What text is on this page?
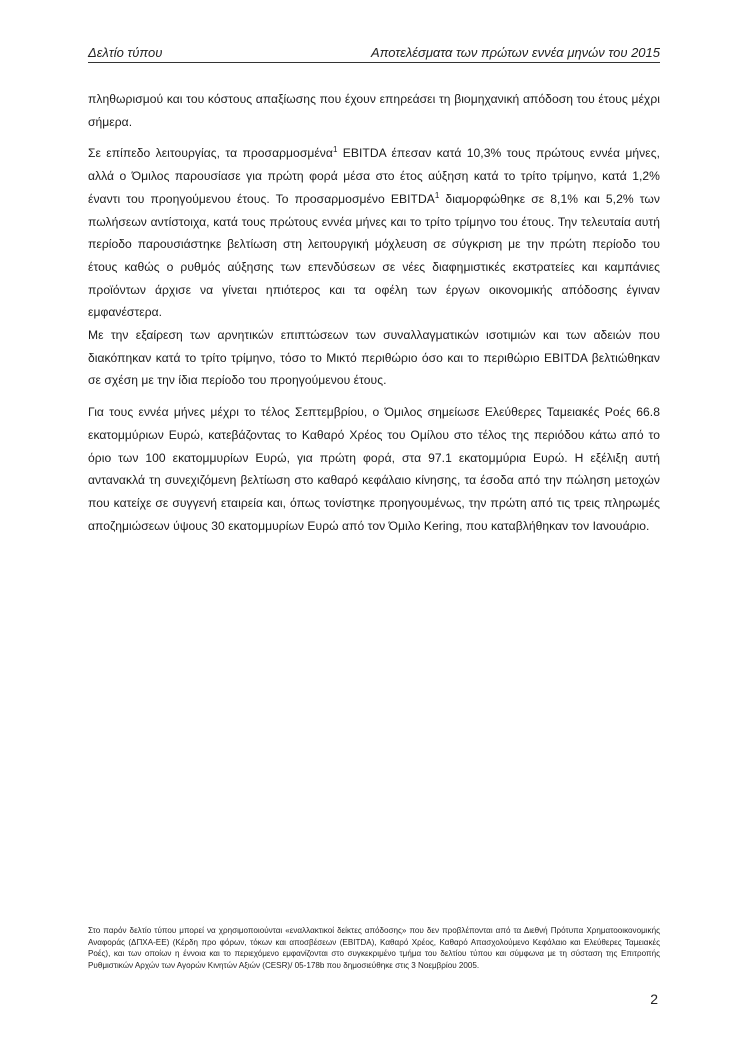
Δελτίο τύπου	Αποτελέσματα των πρώτων εννέα μηνών του 2015

πληθωρισμού και του κόστους απαξίωσης που έχουν επηρεάσει τη βιομηχανική απόδοση του έτους μέχρι σήμερα.

Σε επίπεδο λειτουργίας, τα προσαρμοσμένα$^1$ EBITDA έπεσαν κατά 10,3% τους πρώτους εννέα μήνες, αλλά ο Όμιλος παρουσίασε για πρώτη φορά μέσα στο έτος αύξηση κατά το τρίτο τρίμηνο, κατά 1,2% έναντι του προηγούμενου έτους. Το προσαρμοσμένο EBITDA$^1$ διαμορφώθηκε σε 8,1% και 5,2% των πωλήσεων αντίστοιχα, κατά τους πρώτους εννέα μήνες και το τρίτο τρίμηνο του έτους. Την τελευταία αυτή περίοδο παρουσιάστηκε βελτίωση στη λειτουργική μόχλευση σε σύγκριση με την πρώτη περίοδο του έτους καθώς ο ρυθμός αύξησης των επενδύσεων σε νέες διαφημιστικές εκστρατείες και καμπάνιες προϊόντων άρχισε να γίνεται ηπιότερος και τα οφέλη των έργων οικονομικής απόδοσης έγιναν εμφανέστερα.

Με την εξαίρεση των αρνητικών επιπτώσεων των συναλλαγματικών ισοτιμιών και των αδειών που διακόπηκαν κατά το τρίτο τρίμηνο, τόσο το Μικτό περιθώριο όσο και το περιθώριο EBITDA βελτιώθηκαν σε σχέση με την ίδια περίοδο του προηγούμενου έτους.

Για τους εννέα μήνες μέχρι το τέλος Σεπτεμβρίου, ο Όμιλος σημείωσε Ελεύθερες Ταμειακές Ροές 66.8 εκατομμύριων Ευρώ, κατεβάζοντας το Καθαρό Χρέος του Ομίλου στο τέλος της περιόδου κάτω από το όριο των 100 εκατομμυρίων Ευρώ, για πρώτη φορά, στα 97.1 εκατομμύρια Ευρώ. Η εξέλιξη αυτή αντανακλά τη συνεχιζόμενη βελτίωση στο καθαρό κεφάλαιο κίνησης, τα έσοδα από την πώληση μετοχών που κατείχε σε συγγενή εταιρεία και, όπως τονίστηκε προηγουμένως, την πρώτη από τις τρεις πληρωμές αποζημιώσεων ύψους 30 εκατομμυρίων Ευρώ από τον Όμιλο Kering, που καταβλήθηκαν τον Ιανουάριο.

Στο παρόν δελτίο τύπου μπορεί να χρησιμοποιούνται «εναλλακτικοί δείκτες απόδοσης» που δεν προβλέπονται από τα Διεθνή Πρότυπα Χρηματοοικονομικής Αναφοράς (ΔΠΧΑ-ΕΕ) (Κέρδη προ φόρων, τόκων και αποσβέσεων (EBITDA), Καθαρό Χρέος, Καθαρό Απασχολούμενο Κεφάλαιο και Ελεύθερες Ταμειακές Ροές), και των οποίων η έννοια και το περιεχόμενο εμφανίζονται στο συγκεκριμένο τμήμα του δελτίου τύπου και σύμφωνα με τη σύσταση της Επιτροπής Ρυθμιστικών Αρχών των Αγορών Κινητών Αξιών (CESR)/ 05-178b που δημοσιεύθηκε στις 3 Νοεμβρίου 2005.
2
